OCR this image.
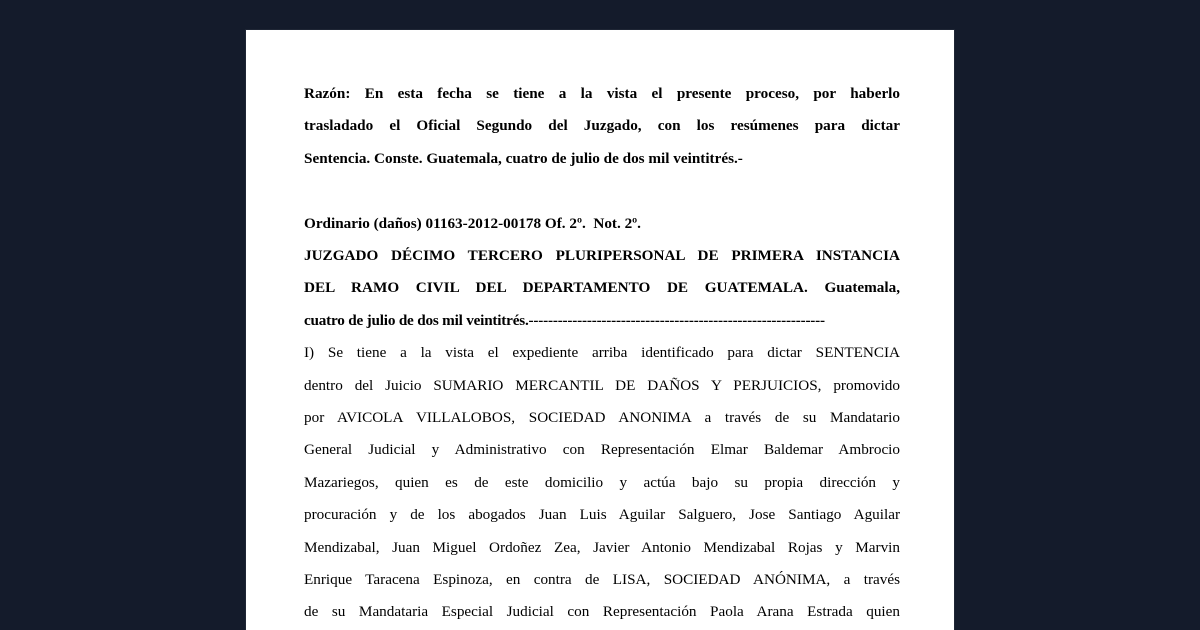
Razón: En esta fecha se tiene a la vista el presente proceso, por haberlo
trasladado el Oficial Segundo del Juzgado, con los resúmenes para dictar
Sentencia. Conste. Guatemala, cuatro de julio de dos mil veintitrés.-
Ordinario (daños) 01163-2012-00178 Of. 2º.  Not. 2º.
JUZGADO DÉCIMO TERCERO PLURIPERSONAL DE PRIMERA INSTANCIA
DEL RAMO CIVIL DEL DEPARTAMENTO DE GUATEMALA. Guatemala,
cuatro de julio de dos mil veintitrés.-------------------------------------------------------------
I) Se tiene a la vista el expediente arriba identificado para dictar SENTENCIA
dentro del Juicio SUMARIO MERCANTIL DE DAÑOS Y PERJUICIOS, promovido
por AVICOLA VILLALOBOS, SOCIEDAD ANONIMA a través de su Mandatario
General Judicial y Administrativo con Representación Elmar Baldemar Ambrocio
Mazariegos, quien es de este domicilio y actúa bajo su propia dirección y
procuración y de los abogados Juan Luis Aguilar Salguero, Jose Santiago Aguilar
Mendizabal, Juan Miguel Ordoñez Zea, Javier Antonio Mendizabal Rojas y Marvin
Enrique Taracena Espinoza, en contra de LISA, SOCIEDAD ANÓNIMA, a través
de su Mandataria Especial Judicial con Representación Paola Arana Estrada quien
